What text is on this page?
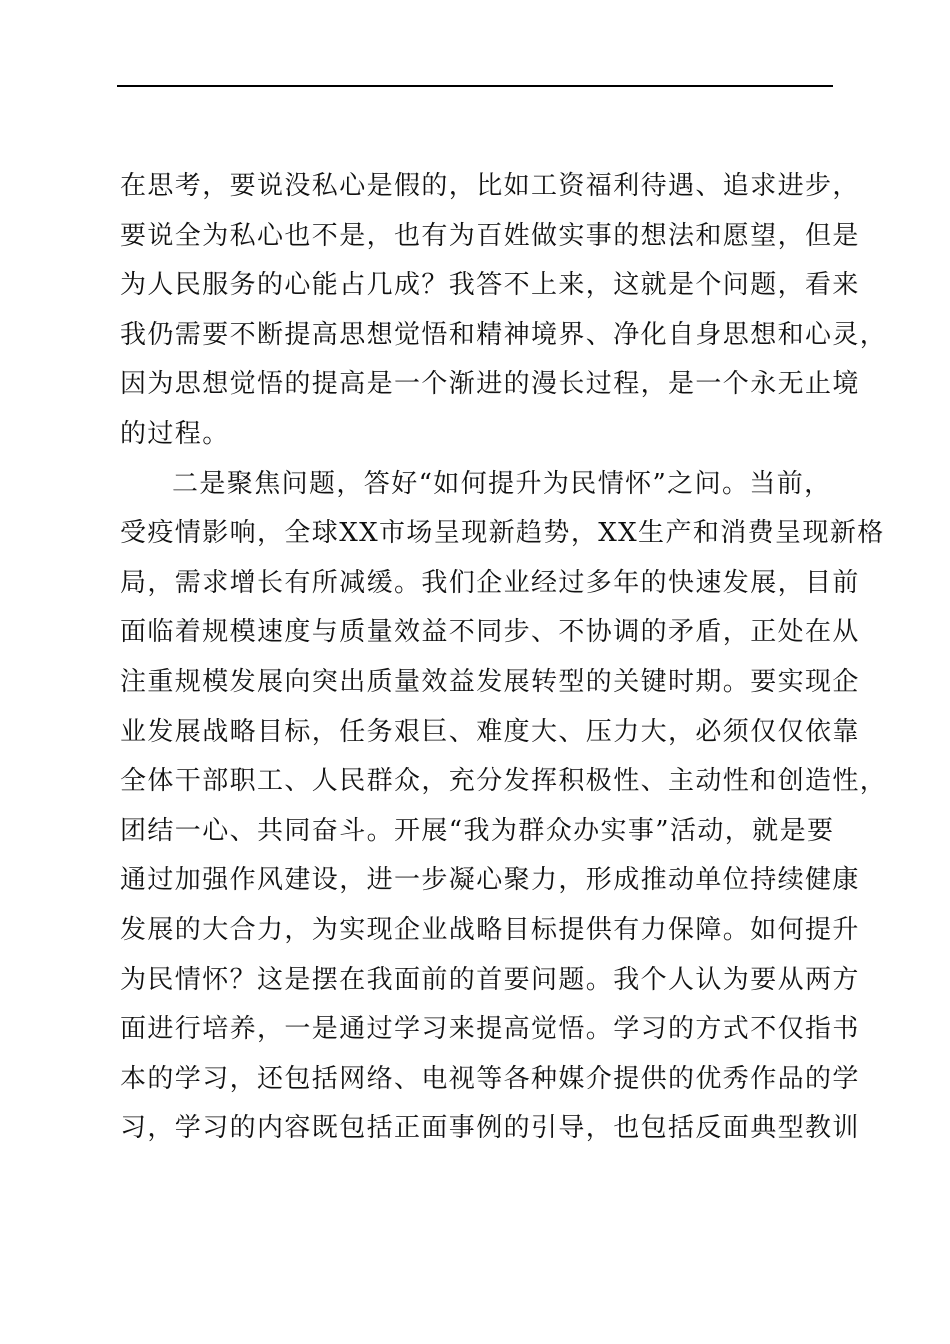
在思考，要说没私心是假的，比如工资福利待遇、追求进步，
要说全为私心也不是，也有为百姓做实事的想法和愿望，但是
为人民服务的心能占几成？我答不上来，这就是个问题，看来
我仍需要不断提高思想觉悟和精神境界、净化自身思想和心灵，
因为思想觉悟的提高是一个渐进的漫长过程，是一个永无止境
的过程。
二是聚焦问题，答好“如何提升为民情怀”之问。当前，
受疫情影响，全球XX市场呈现新趋势，XX生产和消费呈现新格
局，需求增长有所减缓。我们企业经过多年的快速发展，目前
面临着规模速度与质量效益不同步、不协调的矛盾，正处在从
注重规模发展向突出质量效益发展转型的关键时期。要实现企
业发展战略目标，任务艰巨、难度大、压力大，必须仅仅依靠
全体干部职工、人民群众，充分发挥积极性、主动性和创造性，
团结一心、共同奋斗。开展“我为群众办实事”活动，就是要
通过加强作风建设，进一步凝心聚力，形成推动单位持续健康
发展的大合力，为实现企业战略目标提供有力保障。如何提升
为民情怀？这是摆在我面前的首要问题。我个人认为要从两方
面进行培养，一是通过学习来提高觉悟。学习的方式不仅指书
本的学习，还包括网络、电视等各种媒介提供的优秀作品的学
习，学习的内容既包括正面事例的引导，也包括反面典型教训
